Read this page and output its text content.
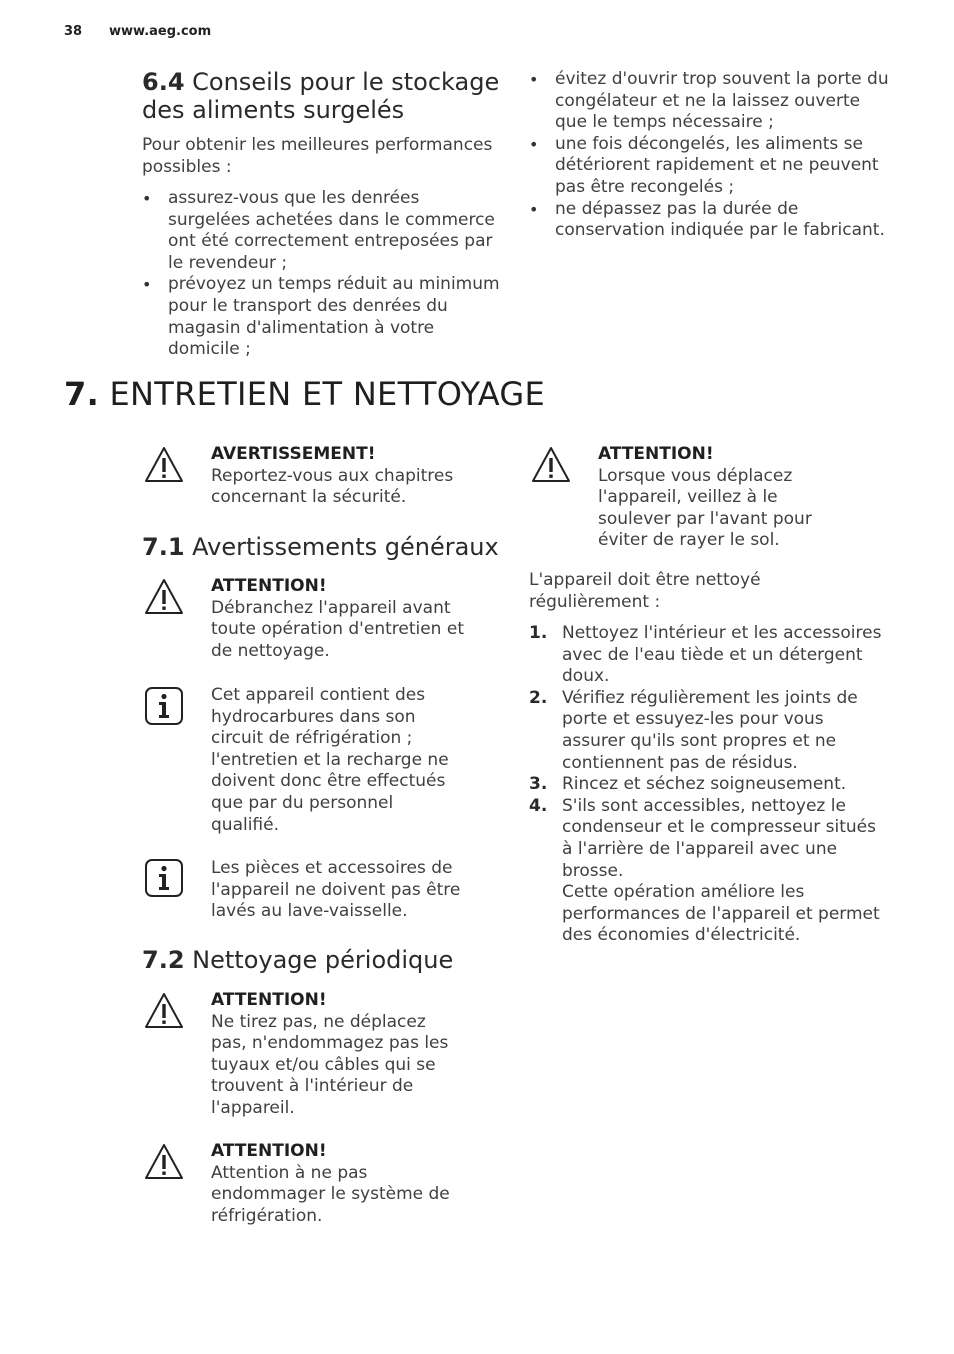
38 www.aeg.com
6.4 Conseils pour le stockage
des aliments surgelés
Pour obtenir les meilleures performances possibles :
• assurez-vous que les denrées surgelées achetées dans le commerce ont été correctement entreposées par le revendeur ;
• prévoyez un temps réduit au minimum pour le transport des denrées du magasin d'alimentation à votre domicile ;
• évitez d'ouvrir trop souvent la porte du congélateur et ne la laissez ouverte que le temps nécessaire ;
• une fois décongelés, les aliments se détériorent rapidement et ne peuvent pas être recongelés ;
• ne dépassez pas la durée de conservation indiquée par le fabricant.
7. ENTRETIEN ET NETTOYAGE
AVERTISSEMENT!
Reportez-vous aux chapitres concernant la sécurité.
7.1 Avertissements généraux
ATTENTION!
Débranchez l'appareil avant toute opération d'entretien et de nettoyage.
Cet appareil contient des hydrocarbures dans son circuit de réfrigération ; l'entretien et la recharge ne doivent donc être effectués que par du personnel qualifié.
Les pièces et accessoires de l'appareil ne doivent pas être lavés au lave-vaisselle.
7.2 Nettoyage périodique
ATTENTION!
Ne tirez pas, ne déplacez pas, n'endommagez pas les tuyaux et/ou câbles qui se trouvent à l'intérieur de l'appareil.
ATTENTION!
Attention à ne pas endommager le système de réfrigération.
ATTENTION!
Lorsque vous déplacez l'appareil, veillez à le soulever par l'avant pour éviter de rayer le sol.
L'appareil doit être nettoyé régulièrement :
1. Nettoyez l'intérieur et les accessoires avec de l'eau tiède et un détergent doux.
2. Vérifiez régulièrement les joints de porte et essuyez-les pour vous assurer qu'ils sont propres et ne contiennent pas de résidus.
3. Rincez et séchez soigneusement.
4. S'ils sont accessibles, nettoyez le condenseur et le compresseur situés à l'arrière de l'appareil avec une brosse.
Cette opération améliore les performances de l'appareil et permet des économies d'électricité.
